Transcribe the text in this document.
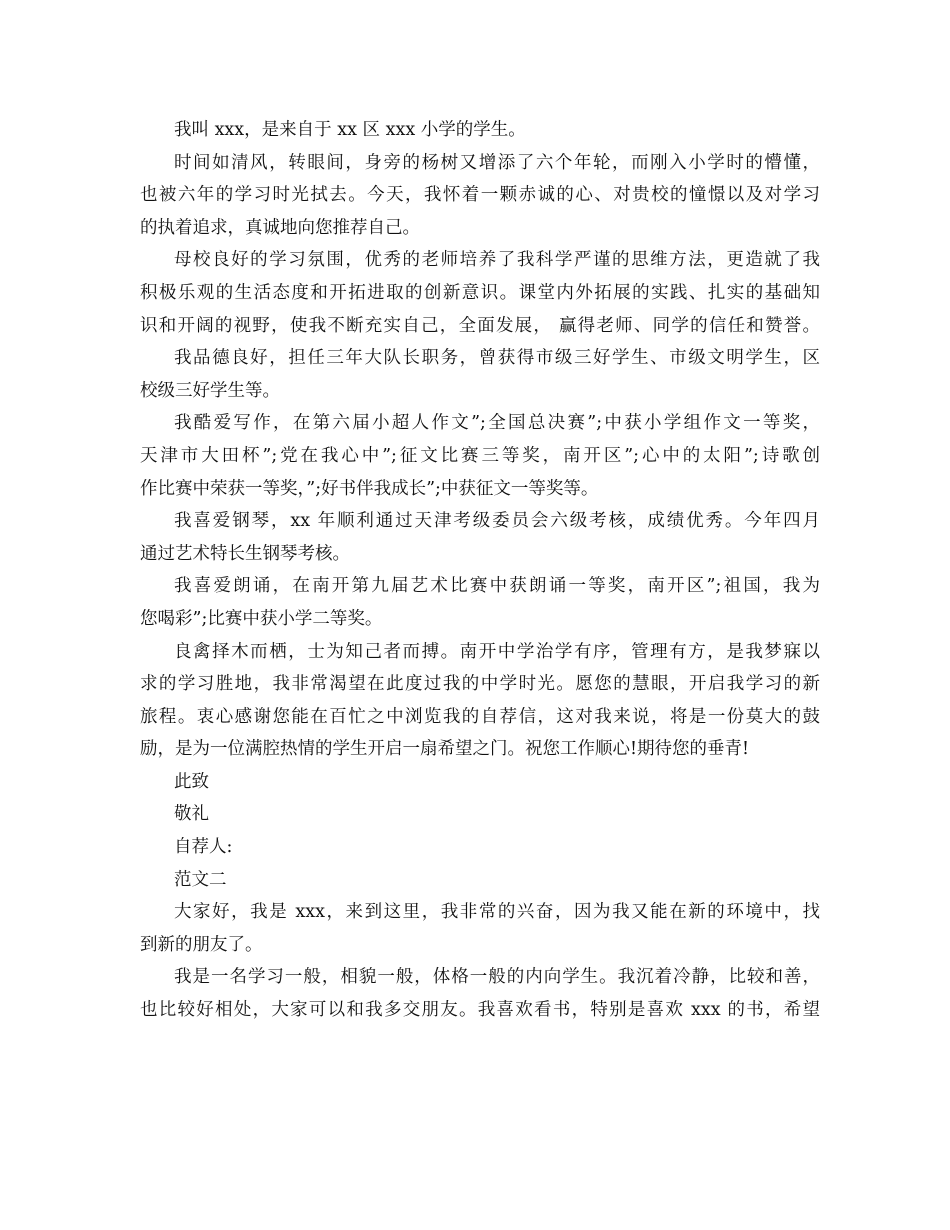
我叫 xxx，是来自于 xx 区 xxx 小学的学生。
时间如清风，转眼间，身旁的杨树又增添了六个年轮，而刚入小学时的懵懂，
也被六年的学习时光拭去。今天，我怀着一颗赤诚的心、对贵校的憧憬以及对学习
的执着追求，真诚地向您推荐自己。
母校良好的学习氛围，优秀的老师培养了我科学严谨的思维方法，更造就了我
积极乐观的生活态度和开拓进取的创新意识。课堂内外拓展的实践、扎实的基础知
识和开阔的视野，使我不断充实自己，全面发展， 赢得老师、同学的信任和赞誉。
我品德良好，担任三年大队长职务，曾获得市级三好学生、市级文明学生，区
校级三好学生等。
我酷爱写作，在第六届小超人作文”;全国总决赛”;中获小学组作文一等奖，
天津市大田杯”;党在我心中”;征文比赛三等奖，南开区”;心中的太阳”;诗歌创
作比赛中荣获一等奖，”;好书伴我成长”;中获征文一等奖等。
我喜爱钢琴，xx 年顺利通过天津考级委员会六级考核，成绩优秀。今年四月
通过艺术特长生钢琴考核。
我喜爱朗诵，在南开第九届艺术比赛中获朗诵一等奖，南开区”;祖国，我为
您喝彩”;比赛中获小学二等奖。
良禽择木而栖，士为知己者而搏。南开中学治学有序，管理有方，是我梦寐以
求的学习胜地，我非常渴望在此度过我的中学时光。愿您的慧眼，开启我学习的新
旅程。衷心感谢您能在百忙之中浏览我的自荐信，这对我来说，将是一份莫大的鼓
励，是为一位满腔热情的学生开启一扇希望之门。祝您工作顺心!期待您的垂青!
此致
敬礼
自荐人:
范文二
大家好，我是 xxx，来到这里，我非常的兴奋，因为我又能在新的环境中，找
到新的朋友了。
我是一名学习一般，相貌一般，体格一般的内向学生。我沉着冷静，比较和善，
也比较好相处，大家可以和我多交朋友。我喜欢看书，特别是喜欢 xxx 的书，希望
